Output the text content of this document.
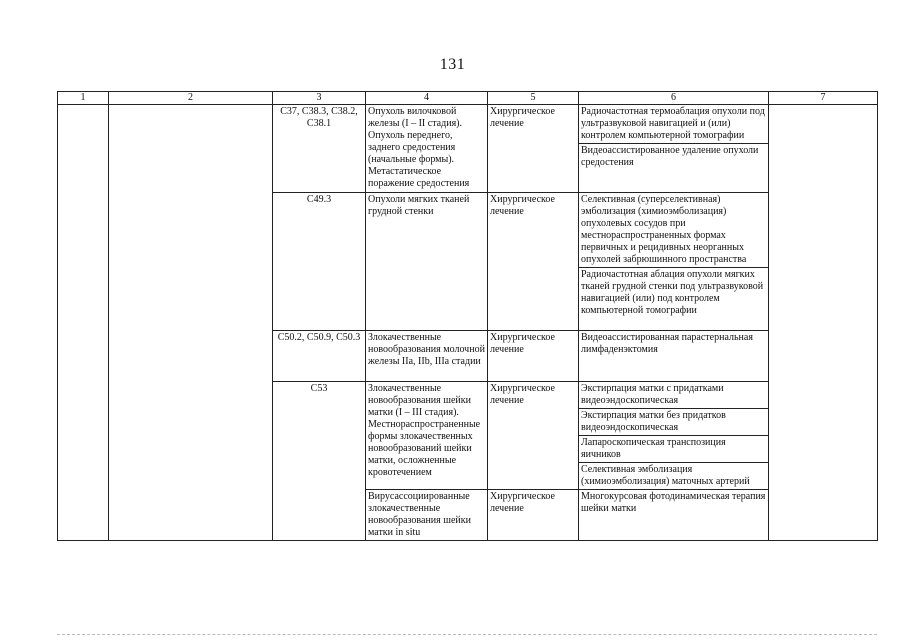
131
1	2	3	4	5	6	7
		C37, C38.3, C38.2, C38.1	Опухоль вилочковой железы (I – II стадия). Опухоль переднего, заднего средостения (начальные формы). Метастатическое поражение средостения	Хирургическое лечение	Радиочастотная термоаблация опухоли под ультразвуковой навигацией и (или) контролем компьютерной томографии	
					Видеоассистированное удаление опухоли средостения	
		C49.3	Опухоли мягких тканей грудной стенки	Хирургическое лечение	Селективная (суперселективная) эмболизация (химиоэмболизация) опухолевых сосудов при местнораспространенных формах первичных и рецидивных неорганных опухолей забрюшинного пространства	
					Радиочастотная аблация опухоли мягких тканей грудной стенки под ультразвуковой навигацией (или) под контролем компьютерной томографии	
		C50.2, C50.9, C50.3	Злокачественные новообразования молочной железы IIa, IIb, IIIa стадии	Хирургическое лечение	Видеоассистированная парастернальная лимфаденэктомия	
		C53	Злокачественные новообразования шейки матки (I – III стадия). Местнораспространенные формы злокачественных новообразований шейки матки, осложненные кровотечением	Хирургическое лечение	Экстирпация матки с придатками видеоэндоскопическая	
					Экстирпация матки без придатков видеоэндоскопическая	
					Лапароскопическая транспозиция яичников	
					Селективная эмболизация (химиоэмболизация) маточных артерий	
			Вирусассоциированные злокачественные новообразования шейки матки in situ	Хирургическое лечение	Многокурсовая фотодинамическая терапия шейки матки	
